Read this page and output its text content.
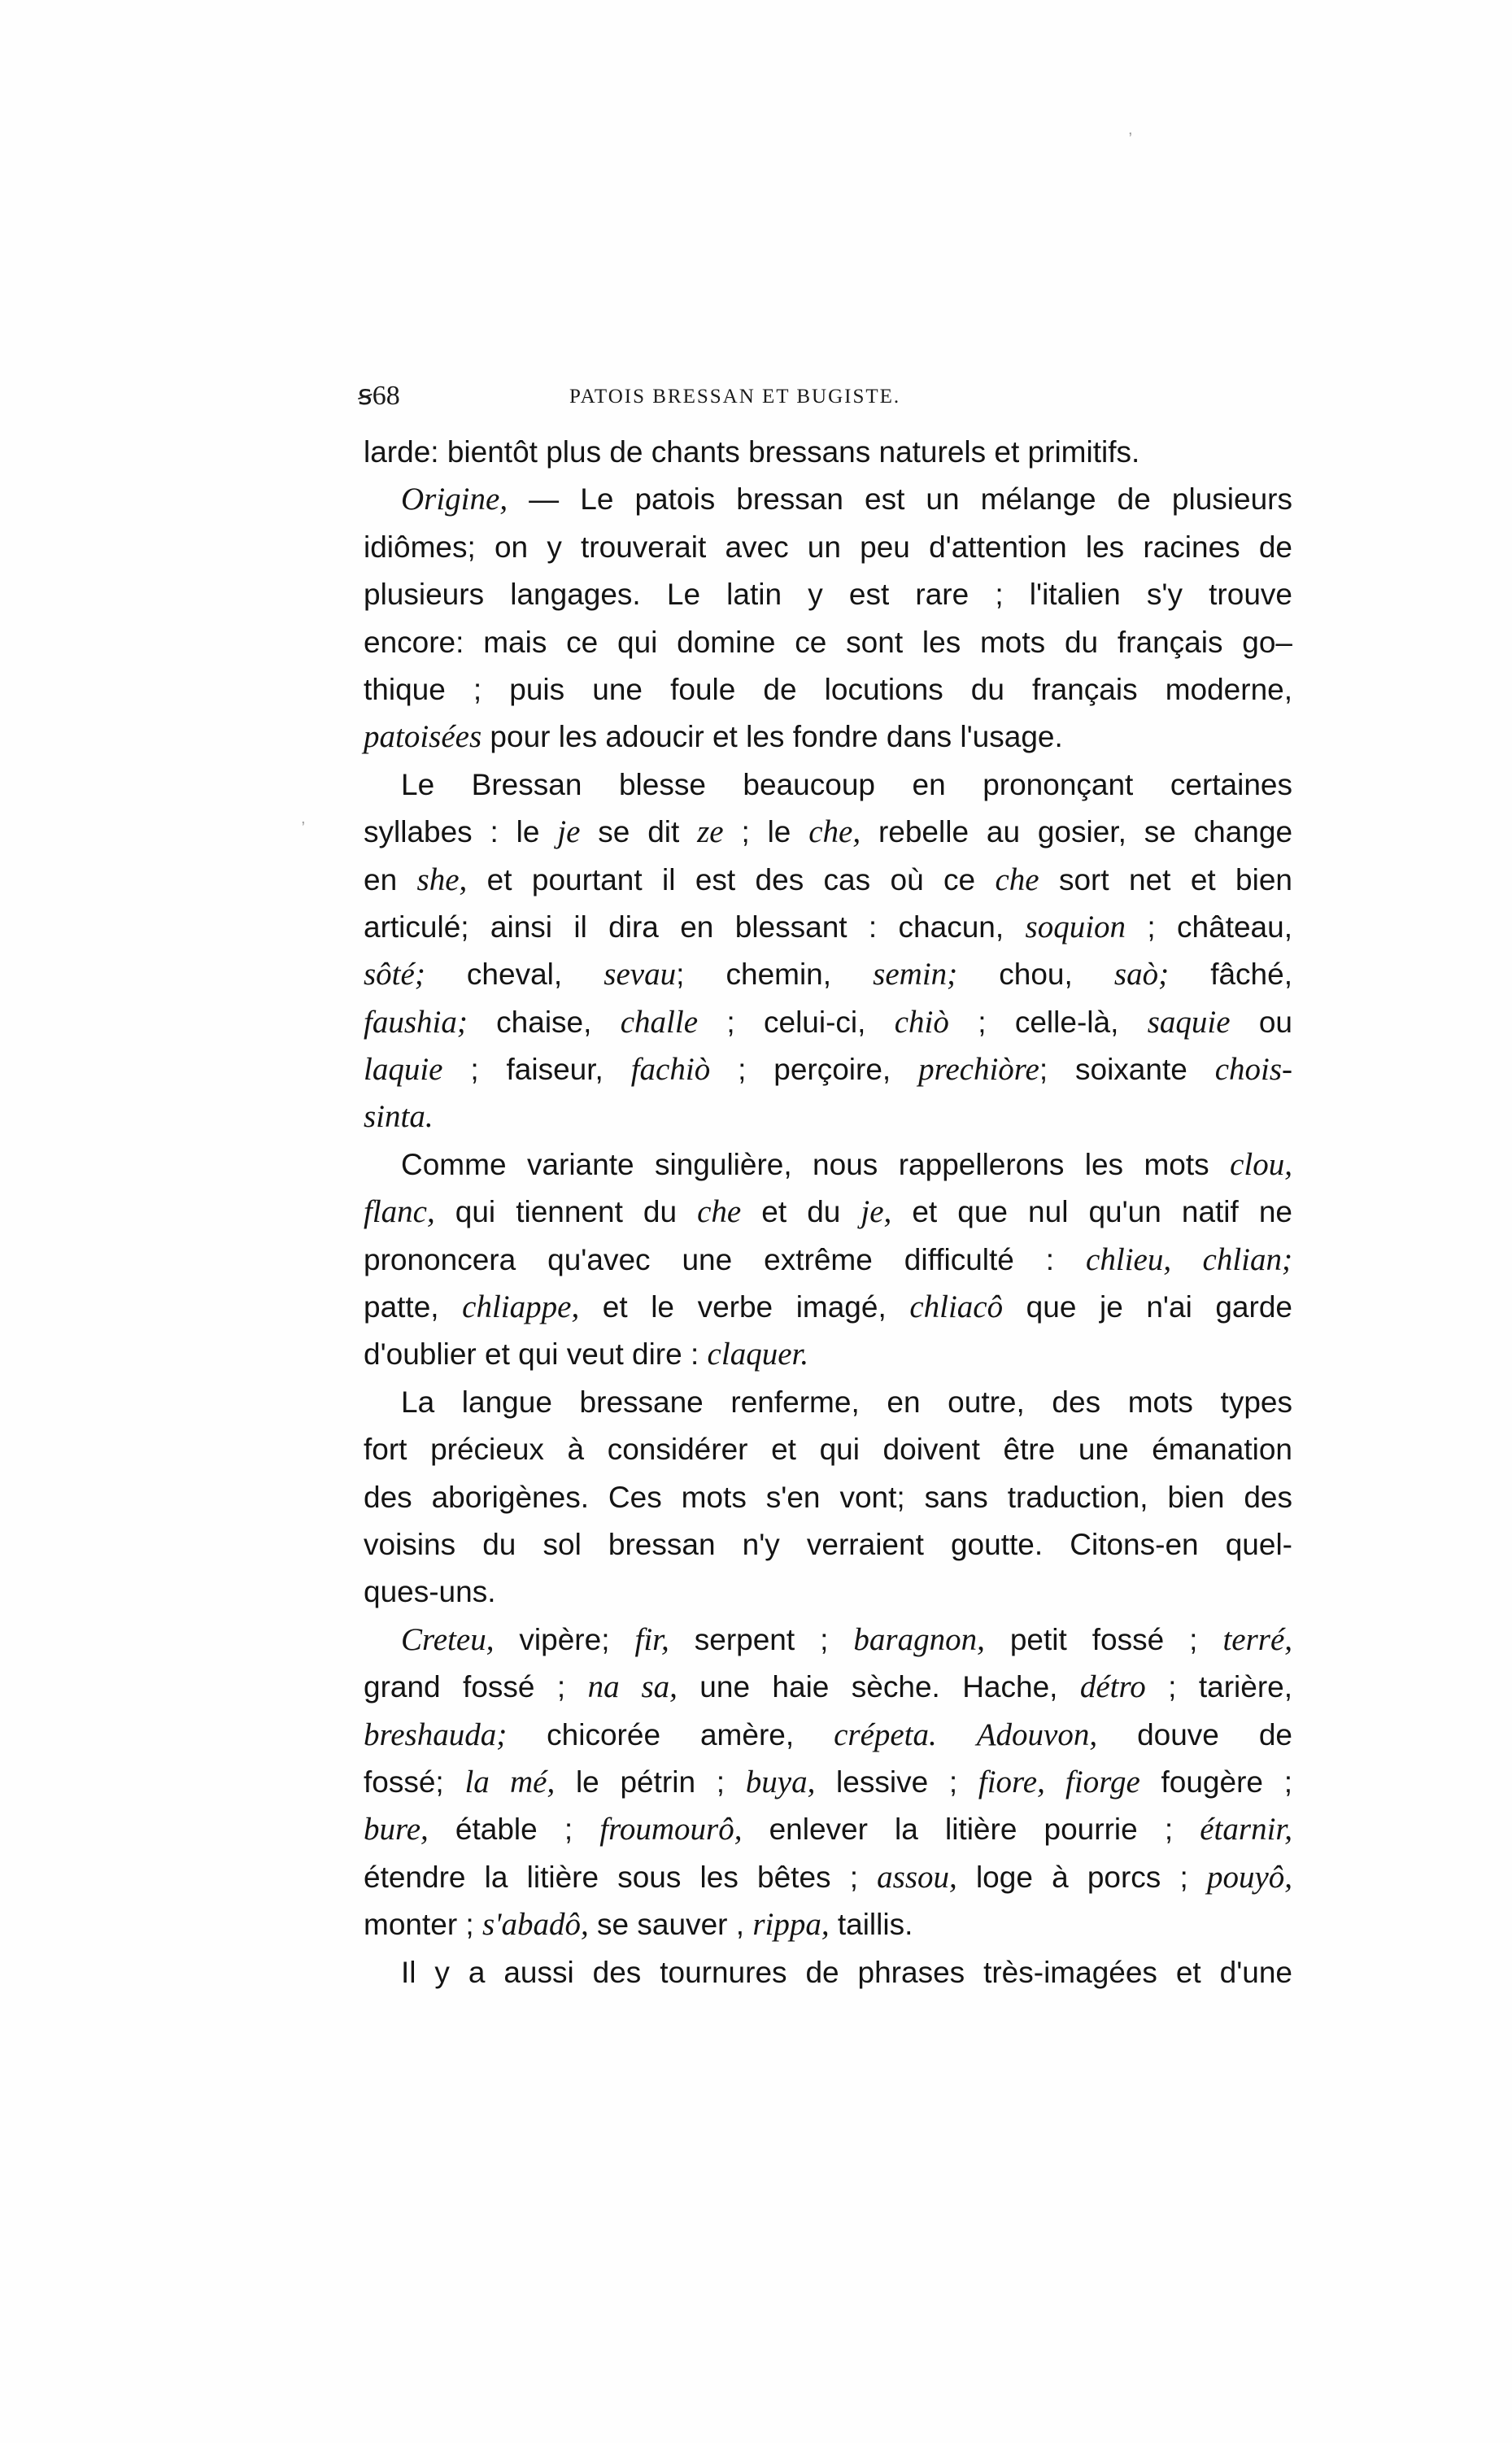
,
,
ꞩ68	PATOIS BRESSAN ET BUGISTE.
larde: bientôt plus de chants bressans naturels et primitifs.
Origine, — Le patois bressan est un mélange de plusieurs
idiômes; on y trouverait avec un peu d'attention les racines de
plusieurs langages. Le latin y est rare ; l'italien s'y trouve
encore: mais ce qui domine ce sont les mots du français go–
thique ; puis une foule de locutions du français moderne,
patoisées pour les adoucir et les fondre dans l'usage.
Le Bressan blesse beaucoup en prononçant certaines
syllabes : le je se dit ze ; le che, rebelle au gosier, se change
en she, et pourtant il est des cas où ce che sort net et bien
articulé; ainsi il dira en blessant : chacun, soquion ; château,
sôté; cheval, sevau; chemin, semin; chou, saò; fâché,
faushia; chaise, challe ; celui-ci, chiò ; celle-là, saquie ou
laquie ; faiseur, fachiò ; perçoire, prechiòre; soixante chois-
sinta.
Comme variante singulière, nous rappellerons les mots clou,
flanc, qui tiennent du che et du je, et que nul qu'un natif ne
prononcera qu'avec une extrême difficulté : chlieu, chlian;
patte, chliappe, et le verbe imagé, chliacô que je n'ai garde
d'oublier et qui veut dire : claquer.
La langue bressane renferme, en outre, des mots types
fort précieux à considérer et qui doivent être une émanation
des aborigènes. Ces mots s'en vont; sans traduction, bien des
voisins du sol bressan n'y verraient goutte. Citons-en quel-
ques-uns.
Creteu, vipère; fir, serpent ; baragnon, petit fossé ; terré,
grand fossé ; na sa, une haie sèche. Hache, détro ; tarière,
breshauda; chicorée amère, crépeta. Adouvon, douve de
fossé; la mé, le pétrin ; buya, lessive ; fiore, fiorge fougère ;
bure, étable ; froumourô, enlever la litière pourrie ; étarnir,
étendre la litière sous les bêtes ; assou, loge à porcs ; pouyô,
monter ; s'abadô, se sauver , rippa, taillis.
Il y a aussi des tournures de phrases très-imagées et d'une
